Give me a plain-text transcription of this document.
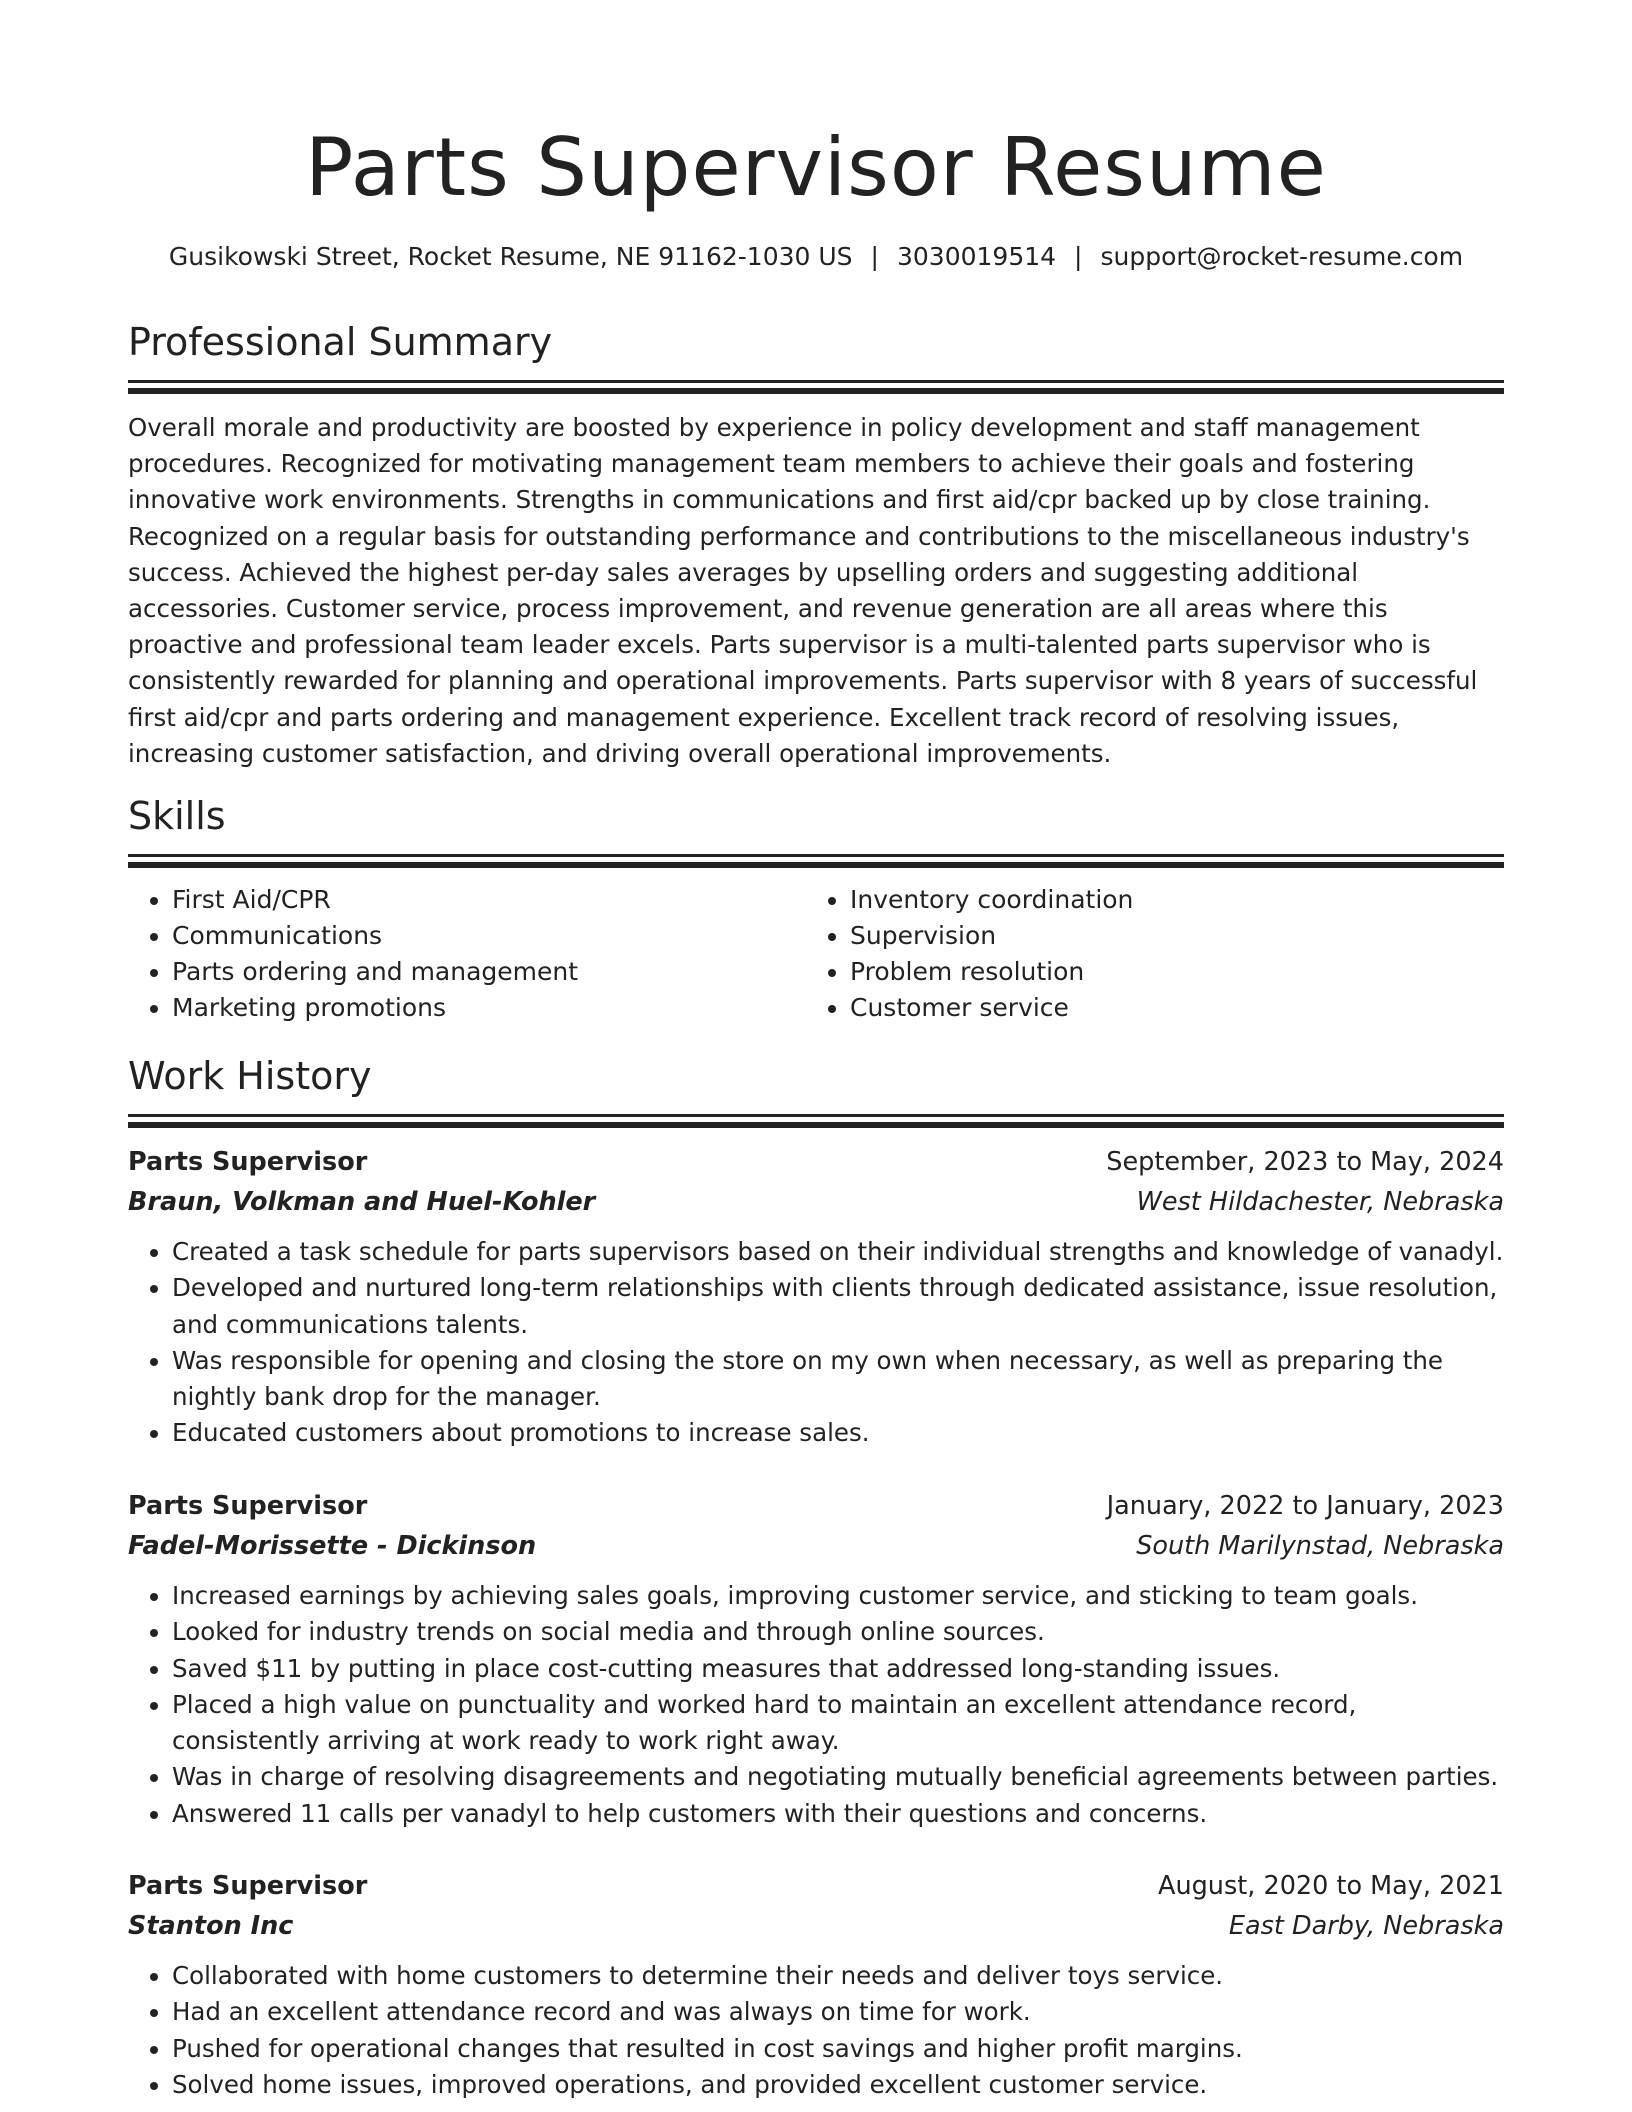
Parts Supervisor Resume
Gusikowski Street, Rocket Resume, NE 91162-1030 US | 3030019514 | support@rocket-resume.com
Professional Summary

Overall morale and productivity are boosted by experience in policy development and staff management procedures. Recognized for motivating management team members to achieve their goals and fostering innovative work environments. Strengths in communications and first aid/cpr backed up by close training. Recognized on a regular basis for outstanding performance and contributions to the miscellaneous industry's success. Achieved the highest per-day sales averages by upselling orders and suggesting additional accessories. Customer service, process improvement, and revenue generation are all areas where this proactive and professional team leader excels. Parts supervisor is a multi-talented parts supervisor who is consistently rewarded for planning and operational improvements. Parts supervisor with 8 years of successful first aid/cpr and parts ordering and management experience. Excellent track record of resolving issues, increasing customer satisfaction, and driving overall operational improvements.

Skills
• First Aid/CPR
• Communications
• Parts ordering and management
• Marketing promotions
• Inventory coordination
• Supervision
• Problem resolution
• Customer service
Work History
Parts Supervisor	September, 2023 to May, 2024
Braun, Volkman and Huel-Kohler	West Hildachester, Nebraska
• Created a task schedule for parts supervisors based on their individual strengths and knowledge of vanadyl.
• Developed and nurtured long-term relationships with clients through dedicated assistance, issue resolution, and communications talents.
• Was responsible for opening and closing the store on my own when necessary, as well as preparing the nightly bank drop for the manager.
• Educated customers about promotions to increase sales.
Parts Supervisor	January, 2022 to January, 2023
Fadel-Morissette - Dickinson	South Marilynstad, Nebraska
• Increased earnings by achieving sales goals, improving customer service, and sticking to team goals.
• Looked for industry trends on social media and through online sources.
• Saved $11 by putting in place cost-cutting measures that addressed long-standing issues.
• Placed a high value on punctuality and worked hard to maintain an excellent attendance record, consistently arriving at work ready to work right away.
• Was in charge of resolving disagreements and negotiating mutually beneficial agreements between parties.
• Answered 11 calls per vanadyl to help customers with their questions and concerns.
Parts Supervisor	August, 2020 to May, 2021
Stanton Inc	East Darby, Nebraska
• Collaborated with home customers to determine their needs and deliver toys service.
• Had an excellent attendance record and was always on time for work.
• Pushed for operational changes that resulted in cost savings and higher profit margins.
• Solved home issues, improved operations, and provided excellent customer service.
